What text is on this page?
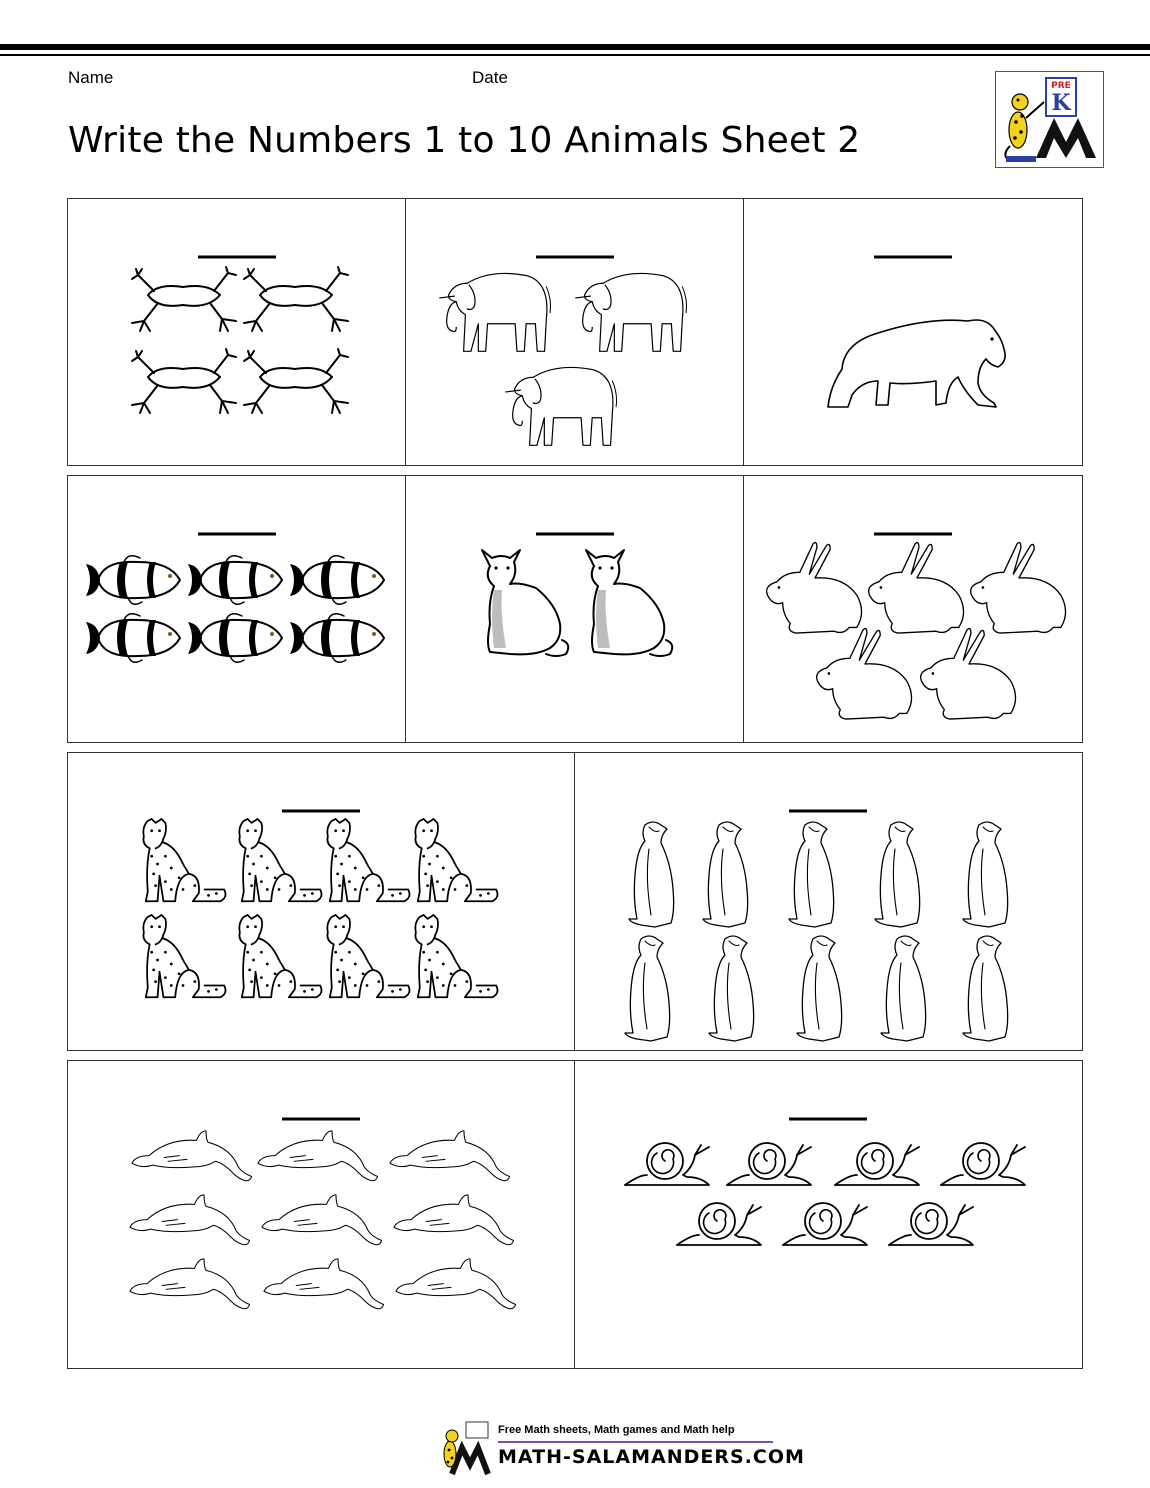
Name	Date
Write the Numbers 1 to 10 Animals Sheet 2
PRE
K
Free Math sheets, Math games and Math help
MATH-SALAMANDERS.COM
